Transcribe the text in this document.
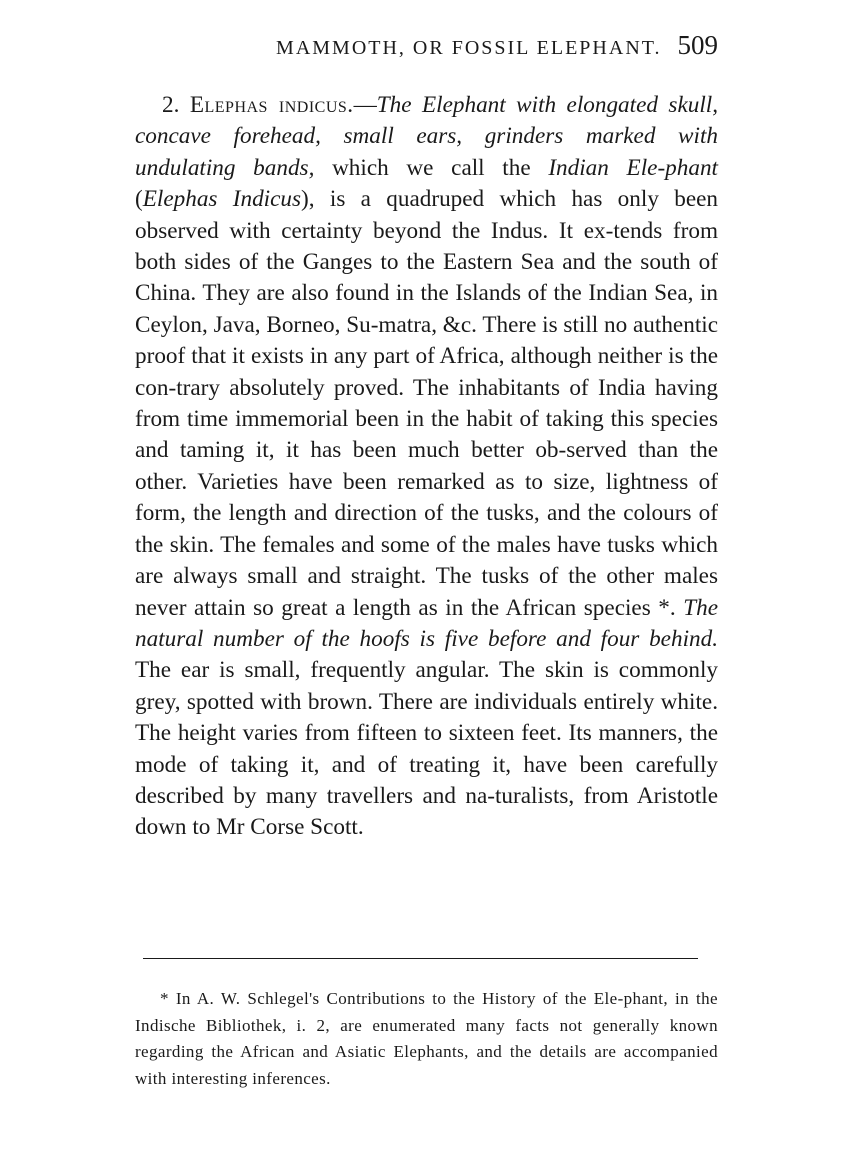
MAMMOTH, OR FOSSIL ELEPHANT. 509

2. Elephas indicus.—The Elephant with elongated skull, concave forehead, small ears, grinders marked with undulating bands, which we call the Indian Ele-phant (Elephas Indicus), is a quadruped which has only been observed with certainty beyond the Indus. It ex-tends from both sides of the Ganges to the Eastern Sea and the south of China. They are also found in the Islands of the Indian Sea, in Ceylon, Java, Borneo, Su-matra, &c. There is still no authentic proof that it exists in any part of Africa, although neither is the con-trary absolutely proved. The inhabitants of India having from time immemorial been in the habit of taking this species and taming it, it has been much better ob-served than the other. Varieties have been remarked as to size, lightness of form, the length and direction of the tusks, and the colours of the skin. The females and some of the males have tusks which are always small and straight. The tusks of the other males never attain so great a length as in the African species *. The natural number of the hoofs is five before and four behind. The ear is small, frequently angular. The skin is commonly grey, spotted with brown. There are individuals entirely white. The height varies from fifteen to sixteen feet. Its manners, the mode of taking it, and of treating it, have been carefully described by many travellers and na-turalists, from Aristotle down to Mr Corse Scott.

* In A. W. Schlegel's Contributions to the History of the Ele-phant, in the Indische Bibliothek, i. 2, are enumerated many facts not generally known regarding the African and Asiatic Elephants, and the details are accompanied with interesting inferences.
